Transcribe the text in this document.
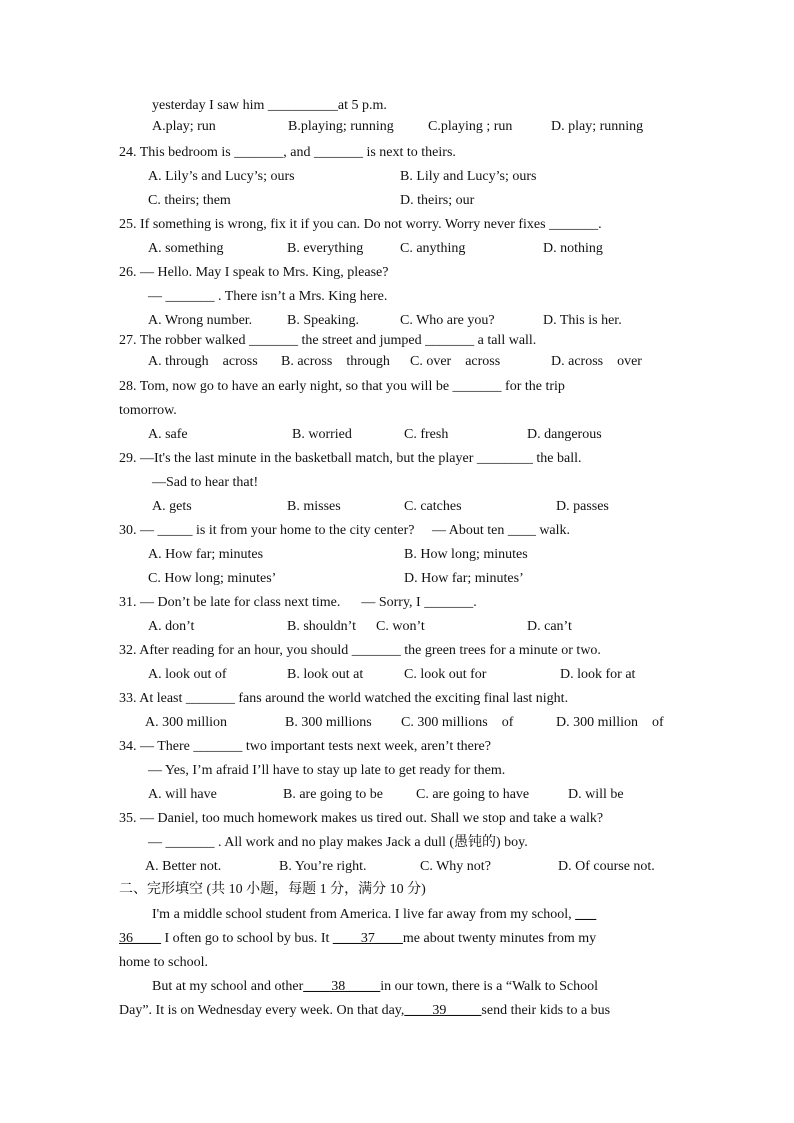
yesterday I saw him __________at 5 p.m.
A.play; run	B.playing; running C.playing ; run	D. play; running
24. This bedroom is _______, and _______ is next to theirs.
A. Lily’s and Lucy’s; ours	B. Lily and Lucy’s; ours
C. theirs; them	D. theirs; our
25. If something is wrong, fix it if you can. Do not worry. Worry never fixes _______.
A. something	B. everything	C. anything	D. nothing
26. — Hello. May I speak to Mrs. King, please?
— _______ . There isn’t a Mrs. King here.
A. Wrong number. B. Speaking.	C. Who are you?	D. This is her.
27. The robber walked _______ the street and jumped _______ a tall wall.
A. through    across B. across    through C. over    across	D. across    over
28. Tom, now go to have an early night, so that you will be _______ for the trip
tomorrow.
A. safe	B. worried	C. fresh	D. dangerous
29. —It's the last minute in the basketball match, but the player ________ the ball.
—Sad to hear that!
A. gets	B. misses	C. catches	D. passes
30. — _____ is it from your home to the city center?     — About ten ____ walk.
A. How far; minutes	B. How long; minutes
C. How long; minutes’	D. How far; minutes’
31. — Don’t be late for class next time.      — Sorry, I _______.
A. don’t	B. shouldn’t C. won’t	D. can’t
32. After reading for an hour, you should _______ the green trees for a minute or two.
A. look out of	B. look out at	C. look out for	D. look for at
33. At least _______ fans around the world watched the exciting final last night.
A. 300 million	B. 300 millions C. 300 millions    of	D. 300 million    of
34. — There _______ two important tests next week, aren’t there?
— Yes, I’m afraid I’ll have to stay up late to get ready for them.
A. will have	B. are going to be C. are going to have	D. will be
35. — Daniel, too much homework makes us tired out. Shall we stop and take a walk?
— _______ . All work and no play makes Jack a dull (愚钝的) boy.
A. Better not.	B. You’re right.	C. Why not?	D. Of course not.
二、完形填空 (共 10 小题，每题 1 分，满分 10 分)
I'm a middle school student from America. I live far away from my school, ___
36____ I often go to school by bus. It ____37____me about twenty minutes from my
home to school.
But at my school and other____38_____in our town, there is a “Walk to School
Day”. It is on Wednesday every week. On that day,____39_____send their kids to a bus
